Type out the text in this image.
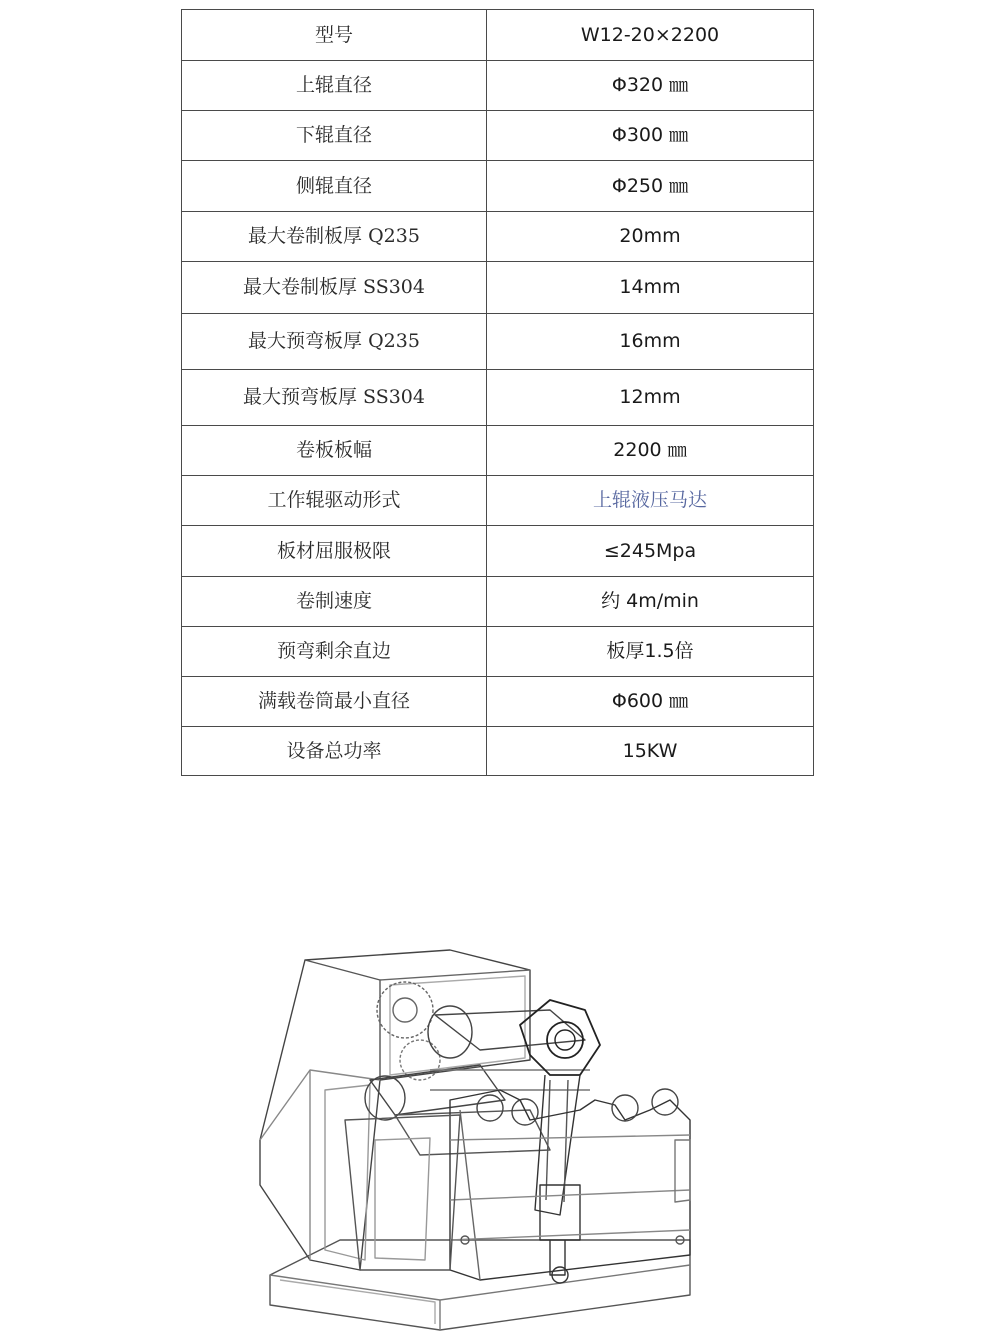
型号	W12-20×2200
上辊直径	Φ320 ㎜
下辊直径	Φ300 ㎜
侧辊直径	Φ250 ㎜
最大卷制板厚 Q235	20mm
最大卷制板厚 SS304	14mm
最大预弯板厚 Q235	16mm
最大预弯板厚 SS304	12mm
卷板板幅	2200 ㎜
工作辊驱动形式	上辊液压马达
板材屈服极限	≤245Mpa
卷制速度	约 4m/min
预弯剩余直边	板厚1.5倍
满载卷筒最小直径	Φ600 ㎜
设备总功率	15KW
